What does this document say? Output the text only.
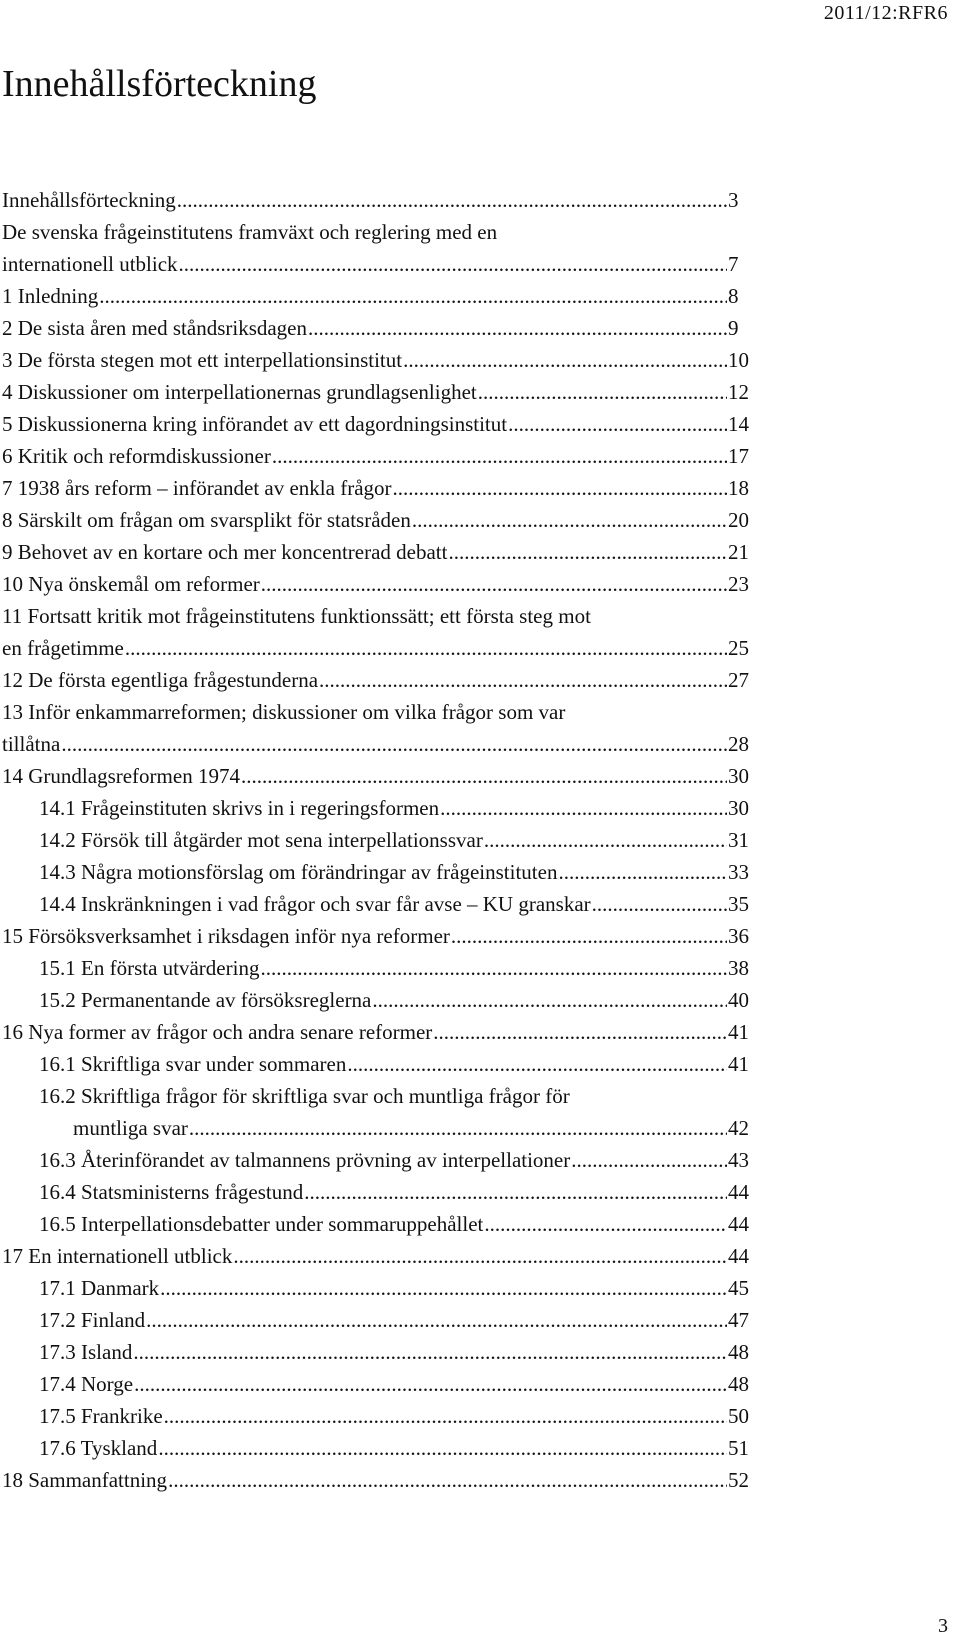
2011/12:RFR6
Innehållsförteckning
Innehållsförteckning .....	3
De svenska frågeinstitutens framväxt och reglering med en
internationell utblick .....	7
1 Inledning .....	8
2 De sista åren med ståndsriksdagen .....	9
3 De första stegen mot ett interpellationsinstitut .....	10
4 Diskussioner om interpellationernas grundlagsenlighet .....	12
5 Diskussionerna kring införandet av ett dagordningsinstitut .....	14
6 Kritik och reformdiskussioner .....	17
7 1938 års reform – införandet av enkla frågor .....	18
8 Särskilt om frågan om svarsplikt för statsråden .....	20
9 Behovet av en kortare och mer koncentrerad debatt .....	21
10 Nya önskemål om reformer .....	23
11 Fortsatt kritik mot frågeinstitutens funktionssätt; ett första steg mot
en frågetimme .....	25
12 De första egentliga frågestunderna .....	27
13 Inför enkammarreformen; diskussioner om vilka frågor som var
tillåtna .....	28
14 Grundlagsreformen 1974 .....	30
14.1 Frågeinstituten skrivs in i regeringsformen .....	30
14.2 Försök till åtgärder mot sena interpellationssvar .....	31
14.3 Några motionsförslag om förändringar av frågeinstituten .....	33
14.4 Inskränkningen i vad frågor och svar får avse – KU granskar .....	35
15 Försöksverksamhet i riksdagen inför nya reformer .....	36
15.1 En första utvärdering .....	38
15.2 Permanentande av försöksreglerna .....	40
16 Nya former av frågor och andra senare reformer .....	41
16.1 Skriftliga svar under sommaren .....	41
16.2 Skriftliga frågor för skriftliga svar och muntliga frågor för
muntliga svar .....	42
16.3 Återinförandet av talmannens prövning av interpellationer .....	43
16.4 Statsministerns frågestund .....	44
16.5 Interpellationsdebatter under sommaruppehållet .....	44
17 En internationell utblick .....	44
17.1 Danmark .....	45
17.2 Finland .....	47
17.3 Island .....	48
17.4 Norge .....	48
17.5 Frankrike .....	50
17.6 Tyskland .....	51
18 Sammanfattning .....	52
3
